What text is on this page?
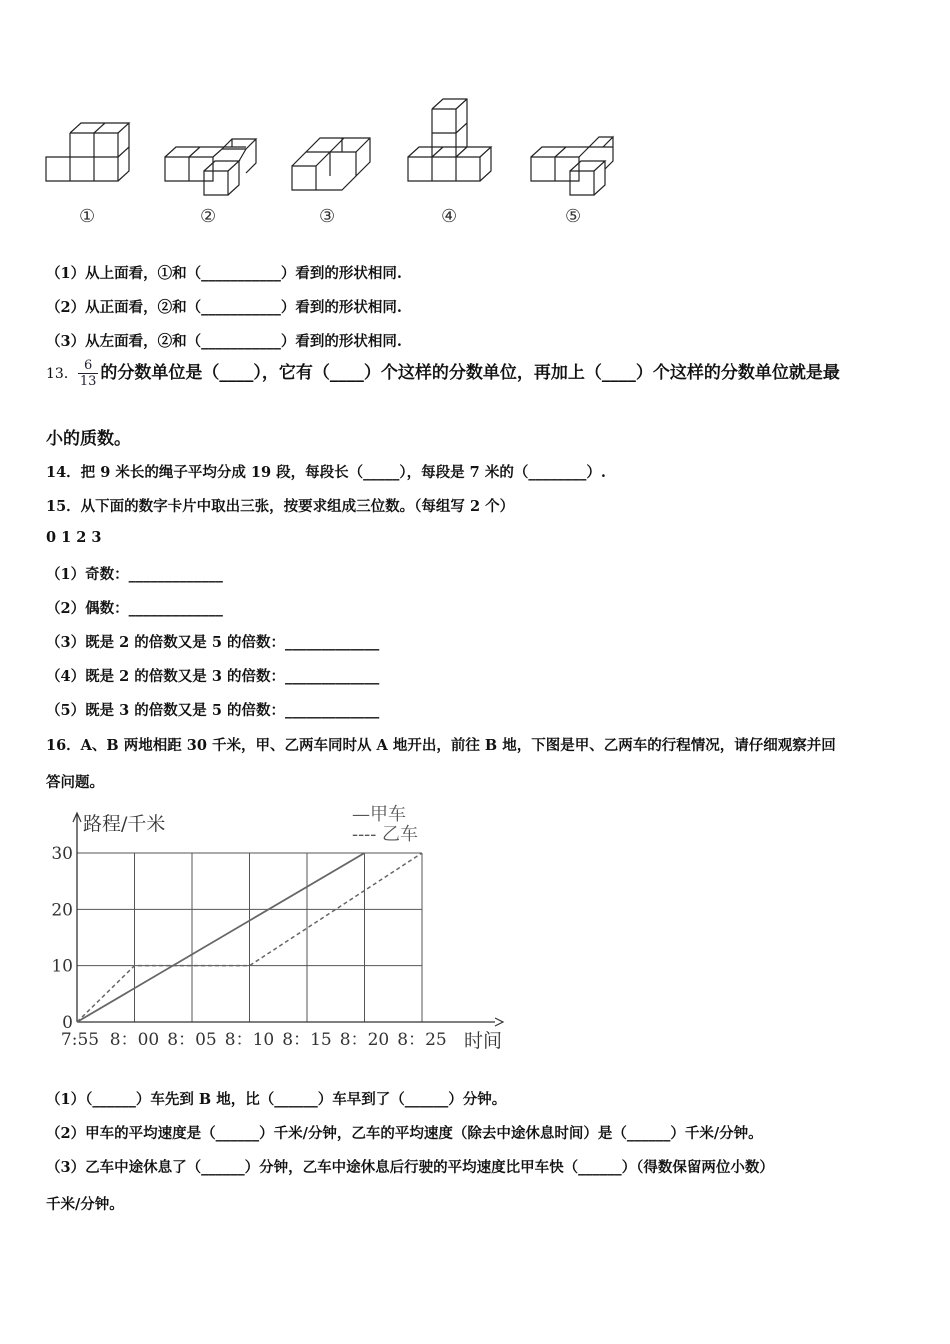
①	②	③	④	⑤
（1）从上面看，①和（___________）看到的形状相同.
（2）从正面看，②和（___________）看到的形状相同.
（3）从左面看，②和（___________）看到的形状相同.
13． $\frac{6}{13}$ 的分数单位是（____），它有（____）个这样的分数单位，再加上（____）个这样的分数单位就是最
小的质数。
14．把 9 米长的绳子平均分成 19 段，每段长（_____），每段是 7 米的（________）.
15．从下面的数字卡片中取出三张，按要求组成三位数。（每组写 2 个）
0 1 2 3
（1）奇数：_____________
（2）偶数：_____________
（3）既是 2 的倍数又是 5 的倍数：_____________
（4）既是 2 的倍数又是 3 的倍数：_____________
（5）既是 3 的倍数又是 5 的倍数：_____________
16．A、B 两地相距 30 千米，甲、乙两车同时从 A 地开出，前往 B 地，下图是甲、乙两车的行程情况，请仔细观察并回
答问题。
路程/千米
时间
0
10
20
30
7:55 8：00 8：05 8：10 8：15 8：20 8：25
—甲车
---- 乙车
（1）（______）车先到 B 地，比（______）车早到了（______）分钟。
（2）甲车的平均速度是（______）千米/分钟，乙车的平均速度（除去中途休息时间）是（______）千米/分钟。
（3）乙车中途休息了（______）分钟，乙车中途休息后行驶的平均速度比甲车快（______）（得数保留两位小数）
千米/分钟。
